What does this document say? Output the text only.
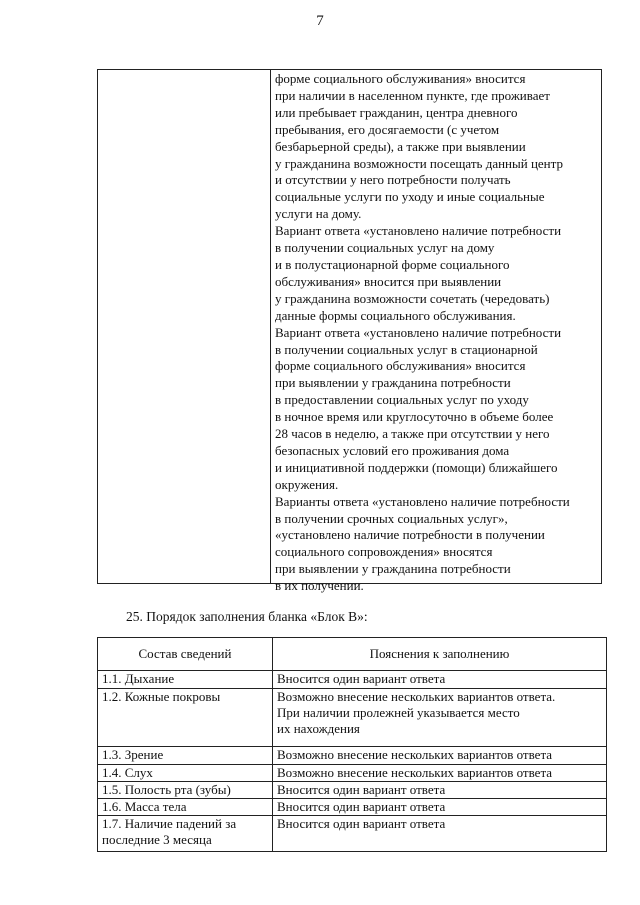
7
форме социального обслуживания» вносится
при наличии в населенном пункте, где проживает
или пребывает гражданин, центра дневного
пребывания, его досягаемости (с учетом
безбарьерной среды), а также при выявлении
у гражданина возможности посещать данный центр
и отсутствии у него потребности получать
социальные услуги по уходу и иные социальные
услуги на дому.
Вариант ответа «установлено наличие потребности
в получении социальных услуг на дому
и в полустационарной форме социального
обслуживания» вносится при выявлении
у гражданина возможности сочетать (чередовать)
данные формы социального обслуживания.
Вариант ответа «установлено наличие потребности
в получении социальных услуг в стационарной
форме социального обслуживания» вносится
при выявлении у гражданина потребности
в предоставлении социальных услуг по уходу
в ночное время или круглосуточно в объеме более
28 часов в неделю, а также при отсутствии у него
безопасных условий его проживания дома
и инициативной поддержки (помощи) ближайшего
окружения.
Варианты ответа «установлено наличие потребности
в получении срочных социальных услуг»,
«установлено наличие потребности в получении
социального сопровождения» вносятся
при выявлении у гражданина потребности
в их получении.
25. Порядок заполнения бланка «Блок В»:
Состав сведений	Пояснения к заполнению

1.1. Дыхание	Вносится один вариант ответа

1.2. Кожные покровы	Возможно внесение нескольких вариантов ответа.
При наличии пролежней указывается место
их нахождения

1.3. Зрение	Возможно внесение нескольких вариантов ответа

1.4. Слух	Возможно внесение нескольких вариантов ответа

1.5. Полость рта (зубы)	Вносится один вариант ответа

1.6. Масса тела	Вносится один вариант ответа

1.7. Наличие падений за
последние 3 месяца	Вносится один вариант ответа
